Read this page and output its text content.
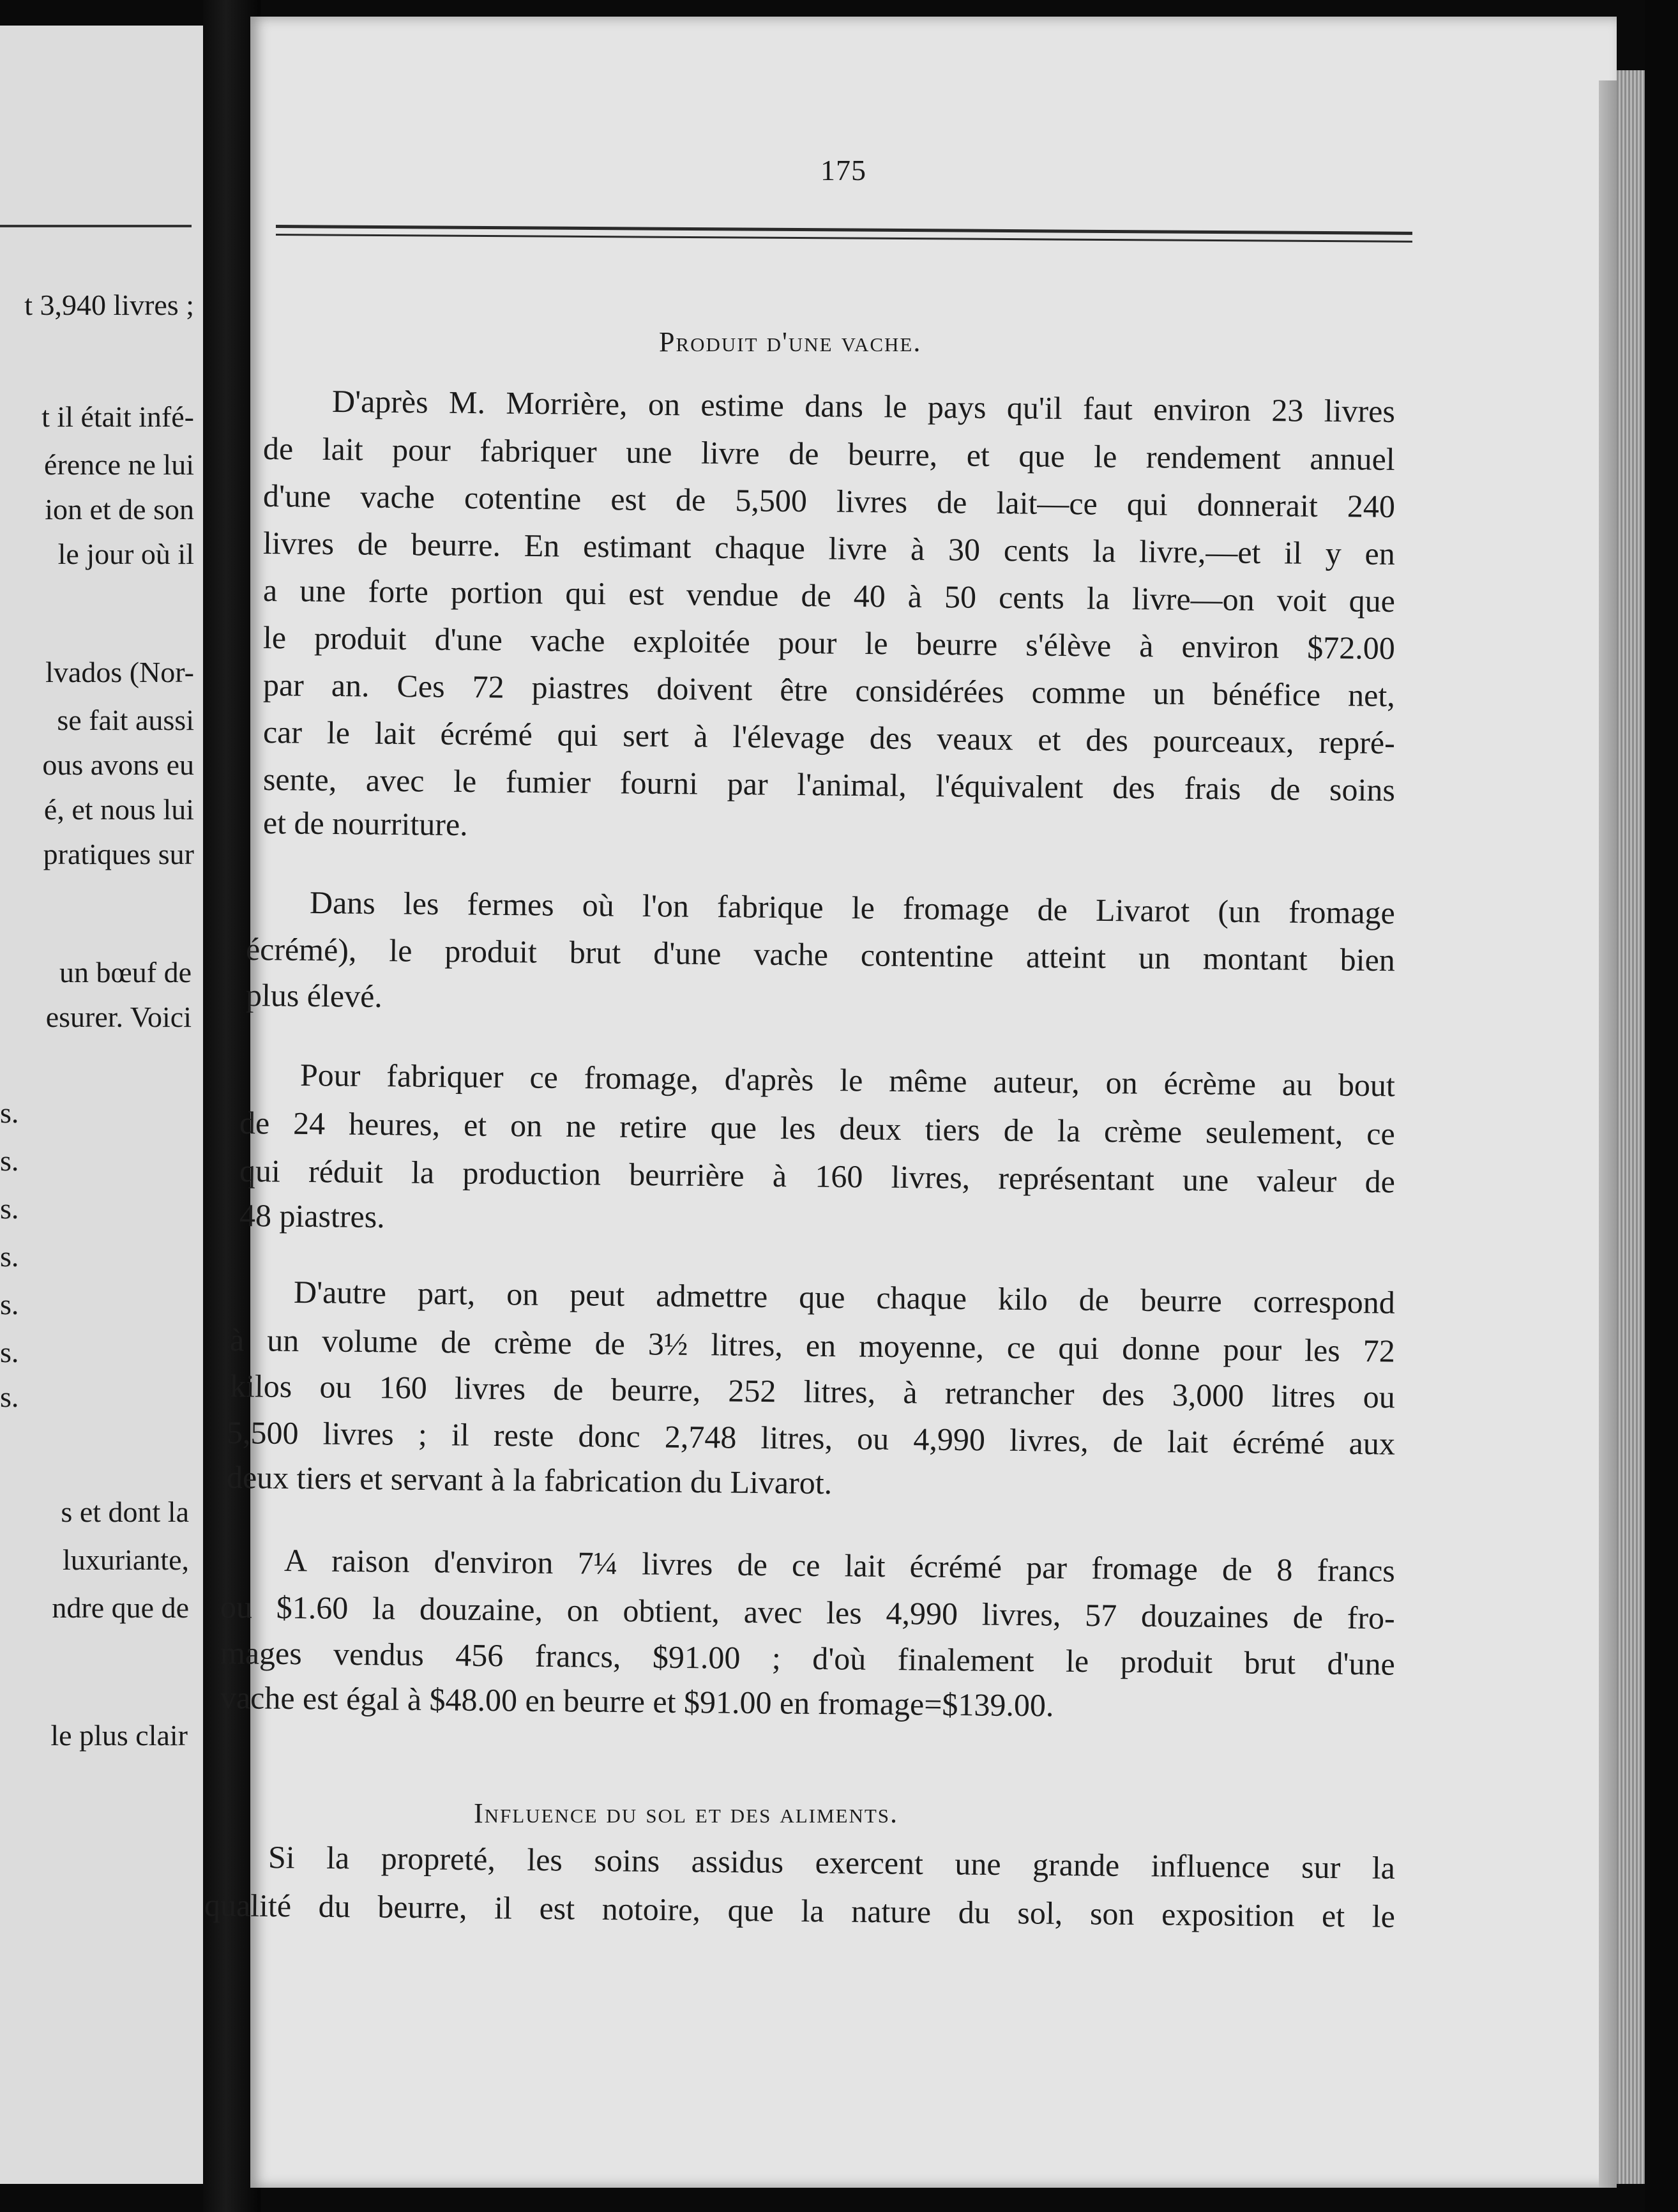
t 3,940 livres ;
t il était infé-
érence ne lui
ion et de son
le jour où il
lvados (Nor-
se fait aussi
ous avons eu
é, et nous lui
pratiques sur
un bœuf de
esurer. Voici
s.
s.
s.
s.
s.
s.
s.
s et dont la
luxuriante,
ndre que de
le plus clair
175
Produit d'une vache.
Influence du sol et des aliments.
D'après M. Morrière, on estime dans le pays qu'il faut environ 23 livres
de lait pour fabriquer une livre de beurre, et que le rendement annuel
d'une vache cotentine est de 5,500 livres de lait—ce qui donnerait 240
livres de beurre. En estimant chaque livre à 30 cents la livre,—et il y en
a une forte portion qui est vendue de 40 à 50 cents la livre—on voit que
le produit d'une vache exploitée pour le beurre s'élève à environ $72.00
par an. Ces 72 piastres doivent être considérées comme un bénéfice net,
car le lait écrémé qui sert à l'élevage des veaux et des pourceaux, repré-
sente, avec le fumier fourni par l'animal, l'équivalent des frais de soins
et de nourriture.
Dans les fermes où l'on fabrique le fromage de Livarot (un fromage
écrémé), le produit brut d'une vache contentine atteint un montant bien
plus élevé.
Pour fabriquer ce fromage, d'après le même auteur, on écrème au bout
de 24 heures, et on ne retire que les deux tiers de la crème seulement, ce
qui réduit la production beurrière à 160 livres, représentant une valeur de
48 piastres.
D'autre part, on peut admettre que chaque kilo de beurre correspond
à un volume de crème de 3½ litres, en moyenne, ce qui donne pour les 72
kilos ou 160 livres de beurre, 252 litres, à retrancher des 3,000 litres ou
5,500 livres ; il reste donc 2,748 litres, ou 4,990 livres, de lait écrémé aux
deux tiers et servant à la fabrication du Livarot.
A raison d'environ 7¼ livres de ce lait écrémé par fromage de 8 francs
ou $1.60 la douzaine, on obtient, avec les 4,990 livres, 57 douzaines de fro-
mages vendus 456 francs, $91.00 ; d'où finalement le produit brut d'une
vache est égal à $48.00 en beurre et $91.00 en fromage=$139.00.
Si la propreté, les soins assidus exercent une grande influence sur la
qualité du beurre, il est notoire, que la nature du sol, son exposition et le
